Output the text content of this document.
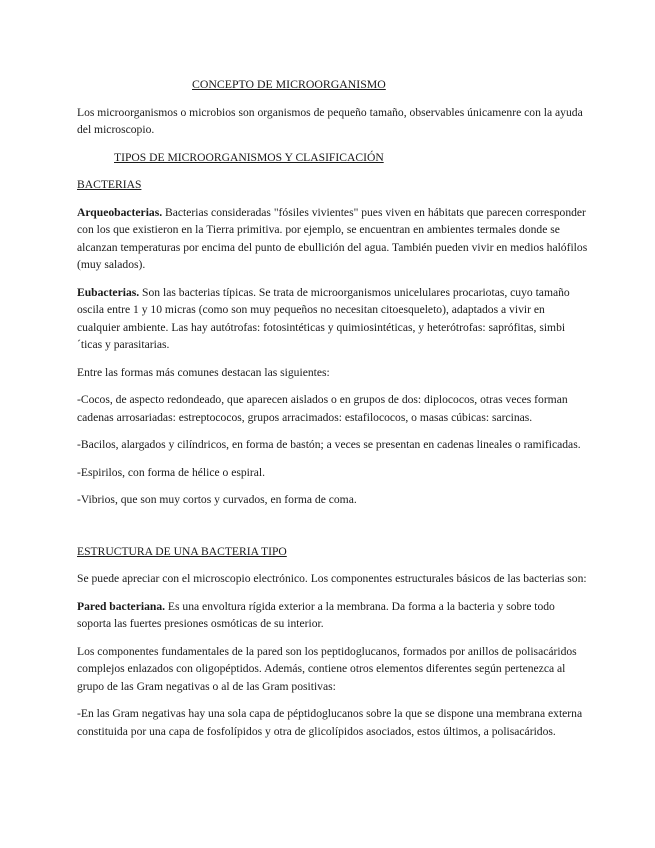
CONCEPTO DE MICROORGANISMO

Los microorganismos o microbios son organismos de pequeño tamaño, observables únicamenre con la ayuda del microscopio.

TIPOS DE MICROORGANISMOS Y CLASIFICACIÓN

BACTERIAS

Arqueobacterias. Bacterias consideradas "fósiles vivientes" pues viven en hábitats que parecen corresponder con los que existieron en la Tierra primitiva. por ejemplo, se encuentran en ambientes termales donde se alcanzan temperaturas por encima del punto de ebullición del agua. También pueden vivir en medios halófilos (muy salados).

Eubacterias. Son las bacterias típicas. Se trata de microorganismos unicelulares procariotas, cuyo tamaño oscila entre 1 y 10 micras (como son muy pequeños no necesitan citoesqueleto), adaptados a vivir en cualquier ambiente. Las hay autótrofas: fotosintéticas y quimiosintéticas, y heterótrofas: saprófitas, simbi ´ticas y parasitarias.

Entre las formas más comunes destacan las siguientes:

-Cocos, de aspecto redondeado, que aparecen aislados o en grupos de dos: diplococos, otras veces forman cadenas arrosariadas: estreptococos, grupos arracimados: estafilococos, o masas cúbicas: sarcinas.

-Bacilos, alargados y cilíndricos, en forma de bastón; a veces se presentan en cadenas lineales o ramificadas.

-Espirilos, con forma de hélice o espiral.

-Vibrios, que son muy cortos y curvados, en forma de coma.

ESTRUCTURA DE UNA BACTERIA TIPO

Se puede apreciar con el microscopio electrónico. Los componentes estructurales básicos de las bacterias son:

Pared bacteriana. Es una envoltura rígida exterior a la membrana. Da forma a la bacteria y sobre todo soporta las fuertes presiones osmóticas de su interior.

Los componentes fundamentales de la pared son los peptidoglucanos, formados por anillos de polisacáridos complejos enlazados con oligopéptidos. Además, contiene otros elementos diferentes según pertenezca al grupo de las Gram negativas o al de las Gram positivas:

-En las Gram negativas hay una sola capa de péptidoglucanos sobre la que se dispone una membrana externa constituida por una capa de fosfolípidos y otra de glicolípidos asociados, estos últimos, a polisacáridos.
